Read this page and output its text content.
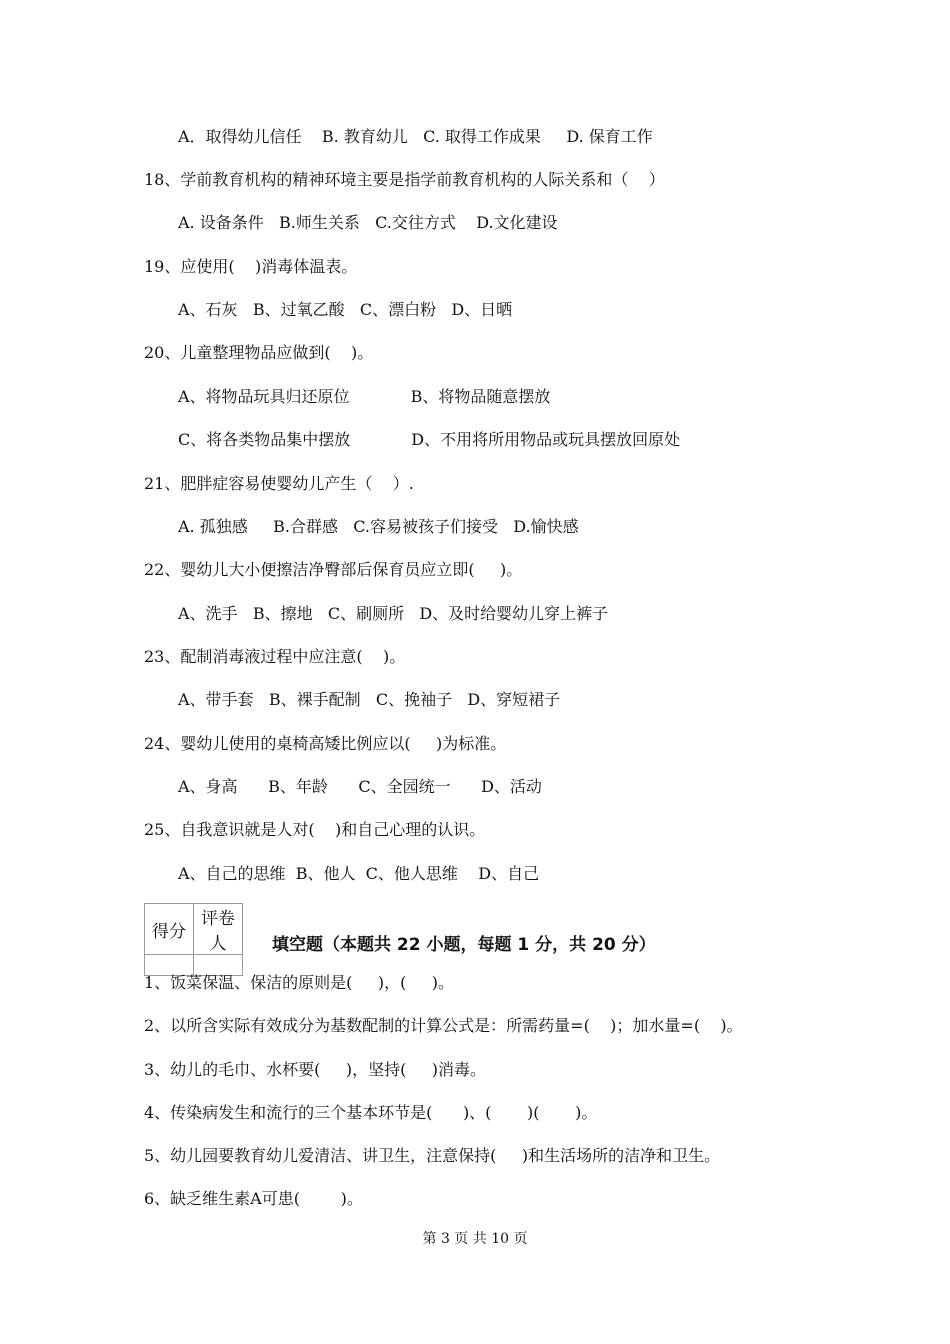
A．取得幼儿信任    B. 教育幼儿   C. 取得工作成果     D. 保育工作
18、学前教育机构的精神环境主要是指学前教育机构的人际关系和（    ）
A. 设备条件   B.师生关系   C.交往方式    D.文化建设
19、应使用(    )消毒体温表。
A、石灰   B、过氧乙酸   C、漂白粉   D、日晒
20、儿童整理物品应做到(    )。
A、将物品玩具归还原位            B、将物品随意摆放
C、将各类物品集中摆放            D、不用将所用物品或玩具摆放回原处
21、肥胖症容易使婴幼儿产生（    ）.
A. 孤独感     B.合群感   C.容易被孩子们接受   D.愉快感
22、婴幼儿大小便擦洁净臀部后保育员应立即(     )。
A、洗手   B、擦地   C、刷厕所   D、及时给婴幼儿穿上裤子
23、配制消毒液过程中应注意(    )。
A、带手套   B、裸手配制   C、挽袖子   D、穿短裙子
24、婴幼儿使用的桌椅高矮比例应以(     )为标准。
A、身高      B、年龄      C、全园统一      D、活动
25、自我意识就是人对(    )和自己心理的认识。
A、自己的思维  B、他人  C、他人思维    D、自己
得分	评卷人
		填空题（本题共 22 小题，每题 1 分，共 20 分）
1、饭菜保温、保洁的原则是(     )，(     )。
2、以所含实际有效成分为基数配制的计算公式是：所需药量=(    )；加水量=(    )。
3、幼儿的毛巾、水杯要(     )，坚持(     )消毒。
4、传染病发生和流行的三个基本环节是(      )、(       )(       )。
5、幼儿园要教育幼儿爱清洁、讲卫生，注意保持(     )和生活场所的洁净和卫生。
6、缺乏维生素A可患(        )。
第 3 页 共 10 页
